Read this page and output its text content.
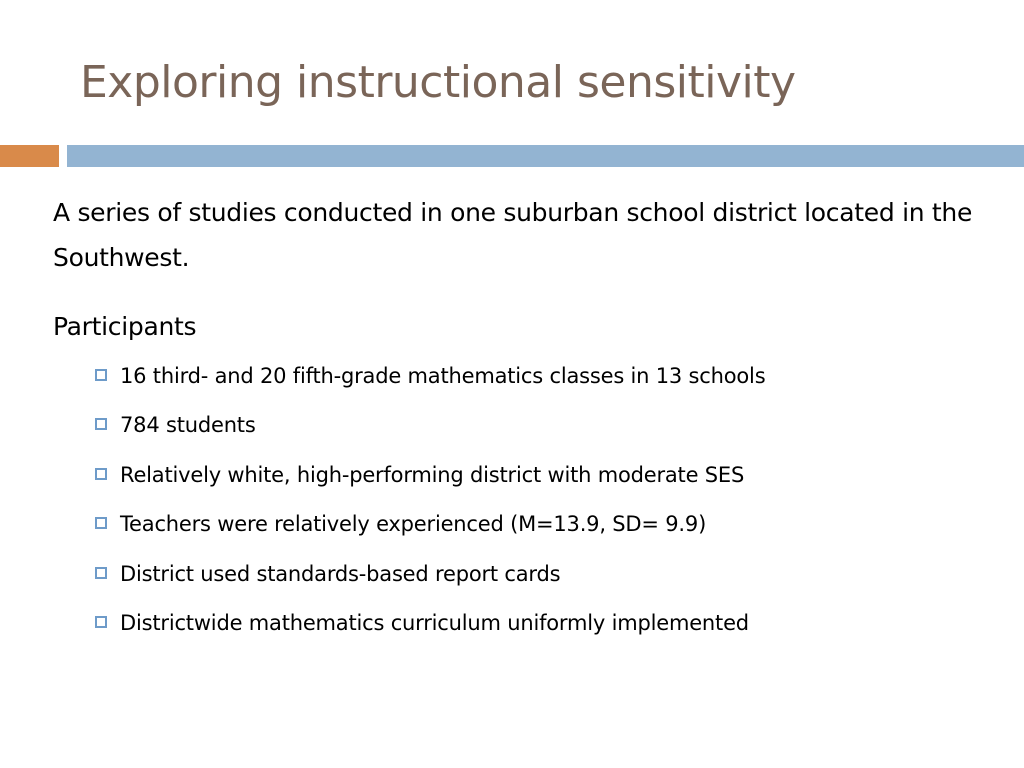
Exploring instructional sensitivity

A series of studies conducted in one suburban school district located in the Southwest.

Participants

16 third- and 20 fifth-grade mathematics classes in 13 schools
784 students
Relatively white, high-performing district with moderate SES
Teachers were relatively experienced (M=13.9, SD= 9.9)
District used standards-based report cards
Districtwide mathematics curriculum uniformly implemented
